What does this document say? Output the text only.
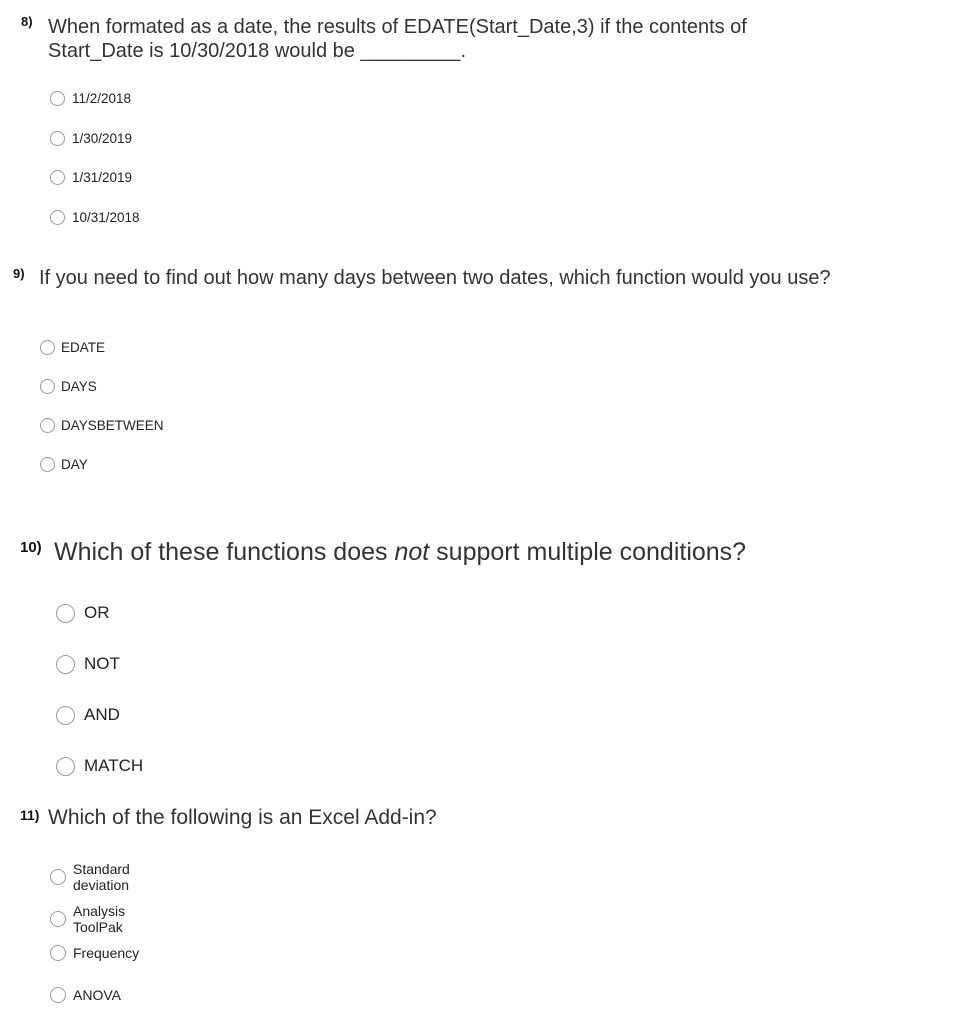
8) When formated as a date, the results of EDATE(Start_Date,3) if the contents of Start_Date is 10/30/2018 would be _________.
11/2/2018
1/30/2019
1/31/2019
10/31/2018
9) If you need to find out how many days between two dates, which function would you use?
EDATE
DAYS
DAYSBETWEEN
DAY
10) Which of these functions does not support multiple conditions?
OR
NOT
AND
MATCH
11) Which of the following is an Excel Add-in?
Standard deviation
Analysis ToolPak
Frequency
ANOVA
